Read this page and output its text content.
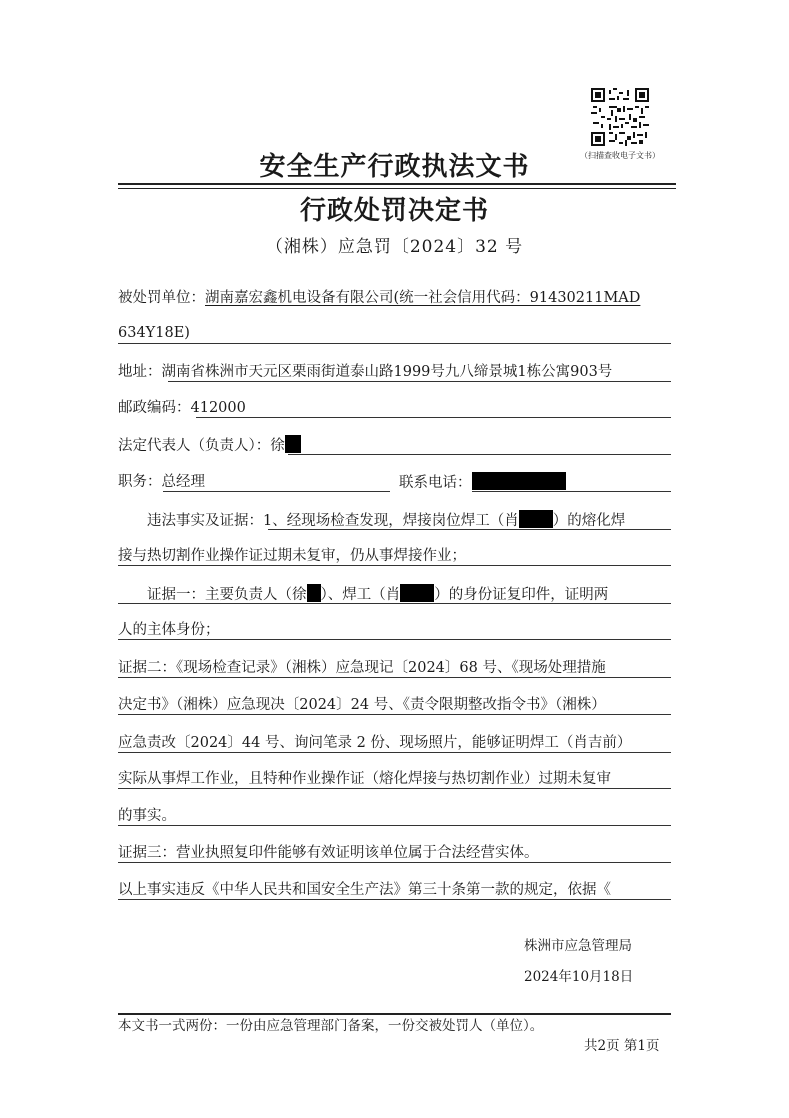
（扫描查收电子文书）
安全生产行政执法文书
行政处罚决定书
（湘株）应急罚〔2024〕32 号
被处罚单位：湖南嘉宏鑫机电设备有限公司(统一社会信用代码：91430211MAD
634Y18E)
地址：湖南省株洲市天元区栗雨街道泰山路1999号九八缔景城1栋公寓903号
邮政编码：412000
法定代表人（负责人）：徐
职务：总经理	联系电话：
违法事实及证据：1、经现场检查发现，焊接岗位焊工（肖 ）的熔化焊
接与热切割作业操作证过期未复审，仍从事焊接作业；
证据一：主要负责人（徐 ）、焊工（肖 ）的身份证复印件，证明两
人的主体身份；
证据二：《现场检查记录》（湘株）应急现记〔2024〕68 号、《现场处理措施
决定书》（湘株）应急现决〔2024〕24 号、《责令限期整改指令书》（湘株）
应急责改〔2024〕44 号、询问笔录 2 份、现场照片，能够证明焊工（肖吉前）
实际从事焊工作业，且特种作业操作证（熔化焊接与热切割作业）过期未复审
的事实。
证据三：营业执照复印件能够有效证明该单位属于合法经营实体。
以上事实违反《中华人民共和国安全生产法》第三十条第一款的规定，依据《
株洲市应急管理局
2024年10月18日
本文书一式两份：一份由应急管理部门备案，一份交被处罚人（单位）。
共2页 第1页
